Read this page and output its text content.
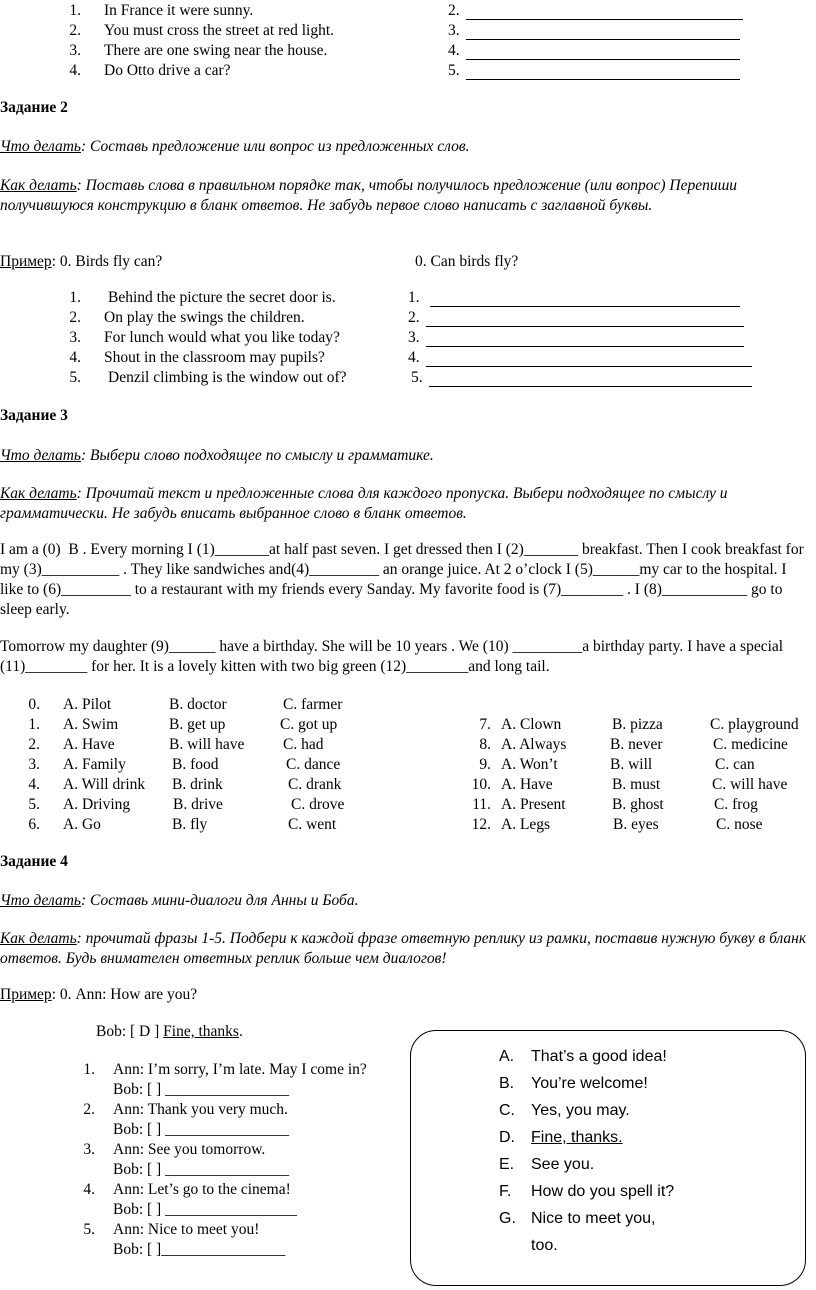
1. In France it were sunny.	2.
2. You must cross the street at red light.	3.
3. There are one swing near the house.	4.
4. Do Otto drive a car?	5.
Задание 2
Что делать: Составь предложение или вопрос из предложенных слов.
Как делать: Поставь слова в правильном порядке так, чтобы получилось предложение (или вопрос) Перепиши получившуюся конструкцию в бланк ответов. Не забудь первое слово написать с заглавной буквы.
Пример: 0. Birds fly can?	0. Can birds fly?
1. Behind the picture the secret door is.	1.
2. On play the swings the children.	2.
3. For lunch would what you like today?	3.
4. Shout in the classroom may pupils?	4.
5. Denzil climbing is the window out of?	5.
Задание 3
Что делать: Выбери слово подходящее по смыслу и грамматике.
Как делать: Прочитай текст и предложенные слова для каждого пропуска. Выбери подходящее по смыслу и грамматически. Не забудь вписать выбранное слово в бланк ответов.
I am a (0)  B . Every morning I (1)_______at half past seven. I get dressed then I (2)_______ breakfast. Then I cook breakfast for my (3)__________ . They like sandwiches and(4)_________ an orange juice. At 2 o’clock I (5)______my car to the hospital. I like to (6)_________ to a restaurant with my friends every Sanday. My favorite food is (7)________ . I (8)___________ go to sleep early.
Tomorrow my daughter (9)______ have a birthday. She will be 10 years . We (10) _________a birthday party. I have a special (11)________ for her. It is a lovely kitten with two big green (12)________and long tail.
0. A. Pilot	B. doctor	C. farmer
1. A. Swim	B. get up	C. got up
2. A. Have	B. will have C. had
3. A. Family	B. food	C. dance
4. A. Will drink B. drink	C. drank
5. A. Driving	B. drive	C. drove
6. A. Go	B. fly	C. went
7. A. Clown	B. pizza	C. playground
8. A. Always	B. never	C. medicine
9. A. Won’t	B. will	C. can
10. A. Have	B. must	C. will have
11. A. Present	B. ghost	C. frog
12. A. Legs	B. eyes	C. nose
Задание 4
Что делать: Составь мини-диалоги для Анны и Боба.
Как делать: прочитай фразы 1-5. Подбери к каждой фразе ответную реплику из рамки, поставив нужную букву в бланк ответов. Будь внимателен ответных реплик больше чем диалогов!
Пример: 0. Ann: How are you?
Bob: [ D ] Fine, thanks.
1. Ann: I’m sorry, I’m late. May I come in?
Bob: [ ] ________________
2. Ann: Thank you very much.
Bob: [ ] ________________
3. Ann: See you tomorrow.
Bob: [ ] ________________
4. Ann: Let’s go to the cinema!
Bob: [ ] _________________
5. Ann: Nice to meet you!
Bob: [ ]________________
A. That’s a good idea!
B. You’re welcome!
C. Yes, you may.
D. Fine, thanks.
E. See you.
F. How do you spell it?
G. Nice to meet you,
too.
